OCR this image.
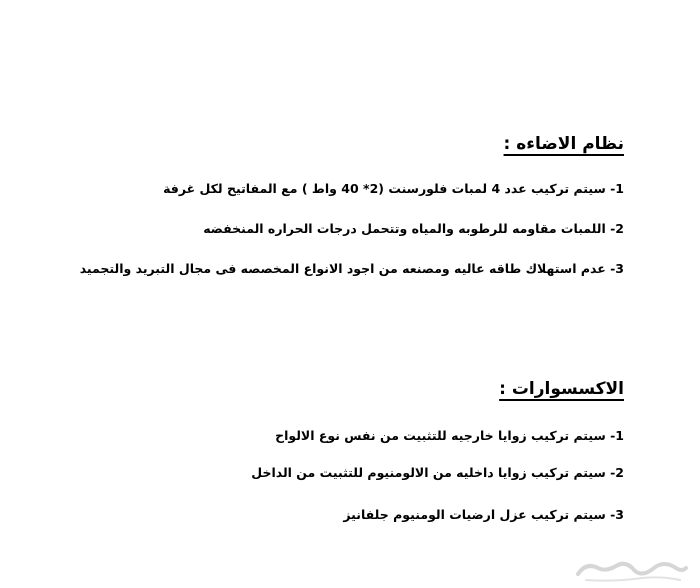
نظام الاضاءه :
1- سيتم تركيب عدد 4 لمبات فلورسنت (2* 40 واط ) مع المفاتيح لكل غرفة
2- اللمبات مقاومه للرطوبه والمياه وتتحمل درجات الحراره المنخفضه
3- عدم استهلاك طاقه عاليه ومصنعه من اجود الانواع المخصصه فى مجال التبريد والتجميد
الاكسسوارات :
1- سيتم تركيب زوايا خارجيه للتثبيت من نفس نوع الالواح
2- سيتم تركيب زوايا داخليه من الالومنيوم للتثبيت من الداخل
3- سيتم تركيب عزل ارضيات الومنيوم جلفانيز
